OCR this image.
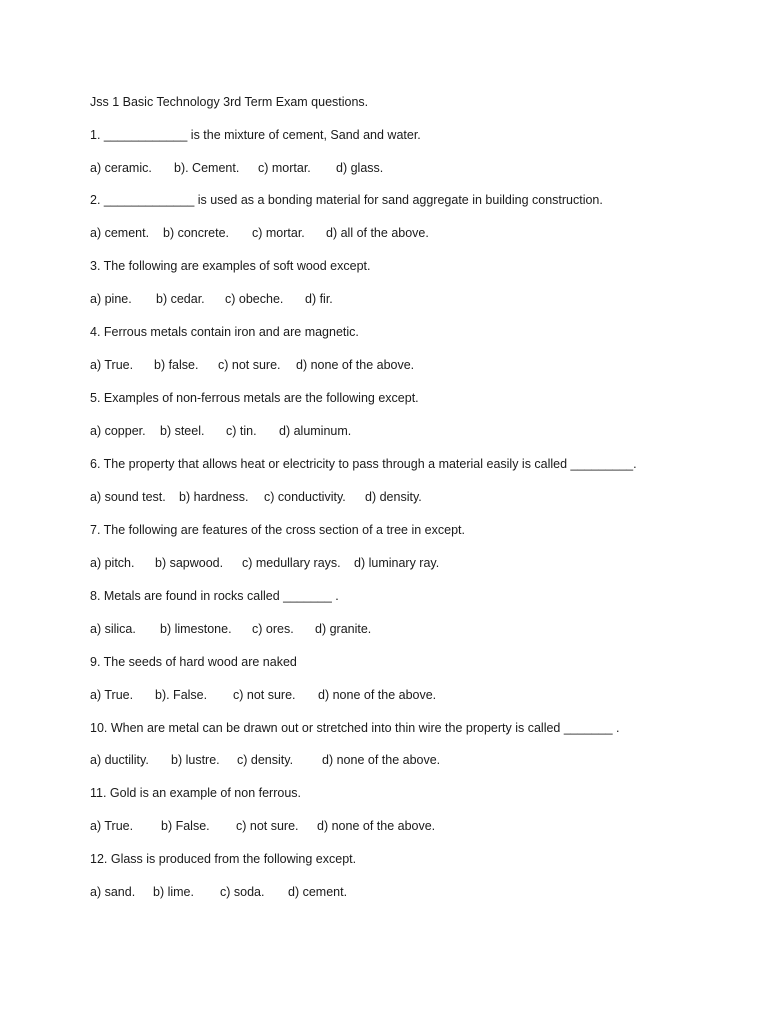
Jss 1 Basic Technology 3rd Term Exam questions.
1. ____________ is the mixture of cement, Sand and water.

a) ceramic.

b). Cement.

c) mortar.

d) glass.

2. _____________ is used as a bonding material for sand aggregate in building construction.

a) cement.

b) concrete.

c) mortar.

d) all of the above.

3. The following are examples of soft wood except.

a) pine.

b) cedar.

c) obeche.

d) fir.

4. Ferrous metals contain iron and are magnetic.

a) True.

b) false.

c) not sure.

d) none of the above.

5. Examples of non-ferrous metals are the following except.

a) copper.

b) steel.

c) tin.

d) aluminum.

6. The property that allows heat or electricity to pass through a material easily is called _________.

a) sound test.

b) hardness.

c) conductivity.

d) density.

7. The following are features of the cross section of a tree in except.

a) pitch.

b) sapwood.

c) medullary rays.

d) luminary ray.

8. Metals are found in rocks called _______ .

a) silica.

b) limestone.

c) ores.

d) granite.

9. The seeds of hard wood are naked

a) True.

b). False.

c) not sure.

d) none of the above.

10. When are metal can be drawn out or stretched into thin wire the property is called _______ .

a) ductility.

b) lustre.

c) density.

d) none of the above.

11. Gold is an example of non ferrous.

a) True.

b) False.

c) not sure.

d) none of the above.

12. Glass is produced from the following except.

a) sand.

b) lime.

c) soda.

d) cement.
